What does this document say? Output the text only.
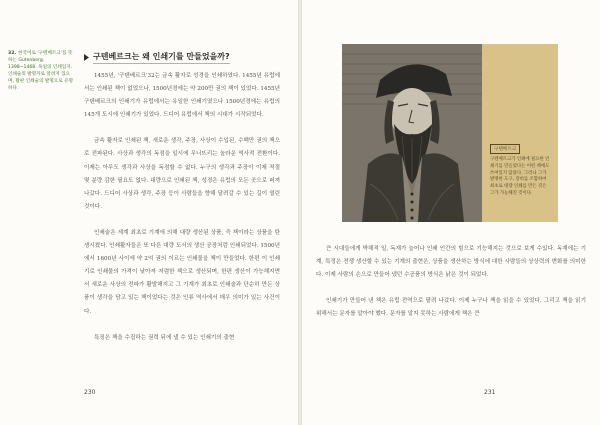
32. 한국어로 '구텐베르크'를 뜻하는 Gutenberg. 1398~1468. 독일의 인쇄업자. 인쇄술의 발명자로 알려져 있으며, 활판 인쇄술의 발명으로 유명하다.
구텐베르크는 왜 인쇄기를 만들었을까?

1455년, '구텐베르크'32는 금속 활자로 성경을 인쇄하였다. 1455년 유럽에서는 인쇄된 책이 없었으나, 1500년경에는 약 200만 권의 책이 있었다. 1455년 구텐베르크의 인쇄기가 유럽에서는 유일한 인쇄기였으나 1500년경에는 유럽의 145개 도시에 인쇄기가 있었다. 드디어 유럽에서 책의 시대가 시작되었다.

금속 활자로 인쇄된 책, 새로운 생각, 주장, 사상이 수입된, 수백만 권의 책으로 전파된다. 사상과 생각의 독점을 일시에 무너뜨리는 놀라운 역사적 전환이다. 이제는 아무도 생각과 사상을 독점할 수 없다. 누구의 생각과 주장이 이제 적절 몇 분량 감한 필요도 없다. 대량으로 인쇄된 책, 성경은 유럽의 모든 곳으로 퍼져 나갔다. 드디어 사상과 생각, 주장 등이 사람들을 향해 달려갈 수 있는 길이 열린 것이다.

인쇄술은 세계 최초로 기계에 의해 대량 생산된 상품, 즉 책이라는 상품을 탄생시켰다. 인쇄활자들은 또 다른 대량 도서의 생산 공장처럼 인쇄되었다. 1500년에서 1600년 사이에 약 2억 권의 이르는 인쇄물을 책이 만들었다. 한편 이 인쇄기로 인쇄물의 가격이 낮아져 저렴한 책으로 생산되며, 한편 생산이 가능해지면서 새로운 사상의 전파가 활발해지고 그 기계가 최초로 인쇄술과 단순히 만든 상품이 생각을 담고 있는 책이었다는 것은 인류 역사에서 매우 의미가 있는 사건이다.

특징은 책을 수집하는 권력 뒤에 낼 수 있는 인쇄기의 출현

230
구텐베르크
구텐베르크가 인쇄에 필요한 인쇄기를 만들었다는 어떤 책에도 쓰여있지 않았다. 그러나 그가 발명한 도구, 장비를 조합하여 최초로 대량 인쇄를 만든 것은 그가 가능해진 것이다.

큰 시대들에게 박해적 일, 독재가 늘어나 인쇄 인간의 힘으로 기능해지는 것으로 보게 수있다. 독재에는 기계, 특정은 전쟁 생산할 수 있는 기계의 출현은, 상품을 생산하는 방식에 대한 사람들의 상상력의 변화를 의미한다. 이제 사람의 손으로 만들어 냈던 수공품의 방식은 낡은 것이 되었다.

인쇄기가 만들어 낸 책은 유럽 전역으로 팔려 나갔다. 이제 누구나 책을 읽을 수 있었다. 그리고 책을 읽기 위해서는 문자를 알아야 했다. 문자를 알지 못하는 사람에게 책은 큰

231
